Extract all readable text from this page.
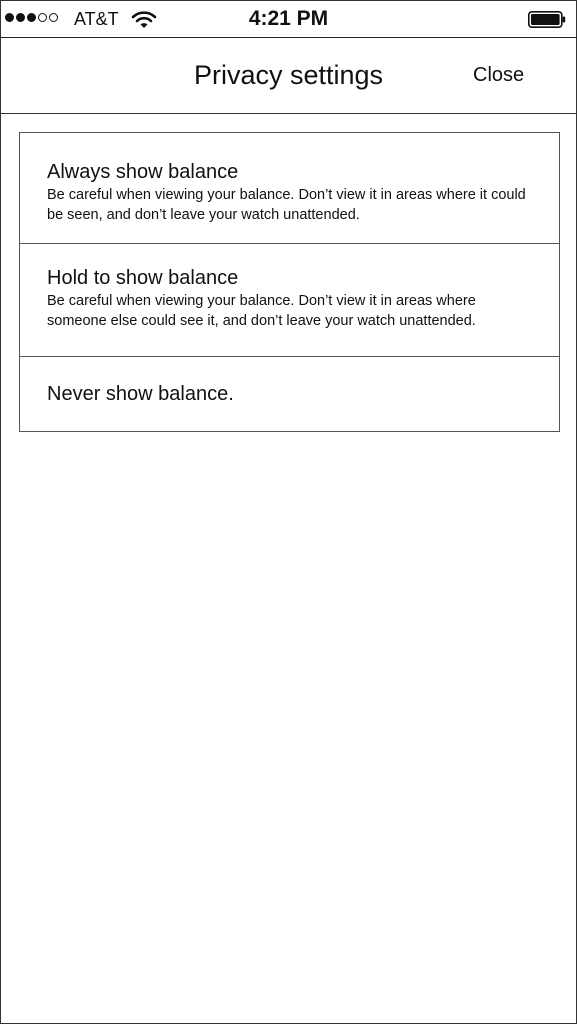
AT&T	4:21 PM
Privacy settings	Close
Always show balance
Be careful when viewing your balance. Don’t view it in areas where it could be seen, and don’t leave your watch unattended.
Hold to show balance
Be careful when viewing your balance. Don’t view it in areas where someone else could see it, and don’t leave your watch unattended.
Never show balance.
